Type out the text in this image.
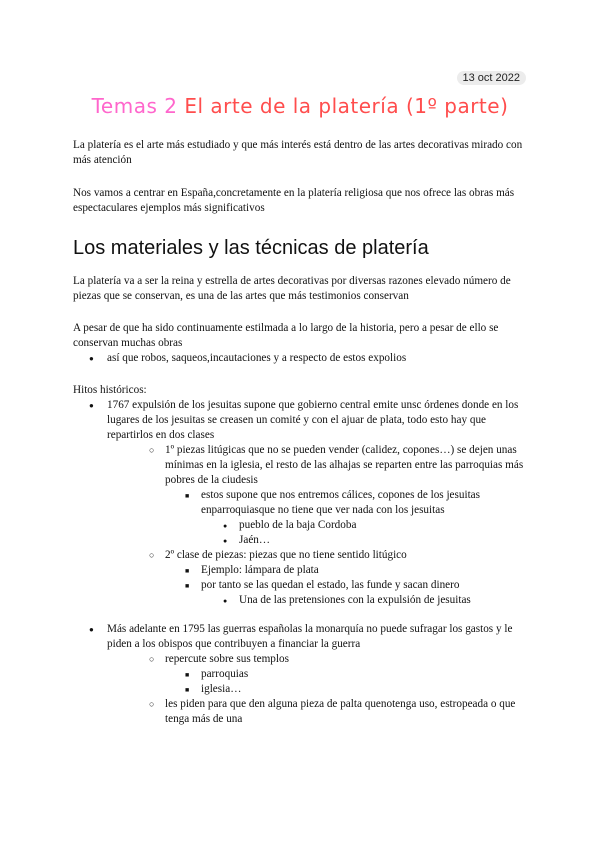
13 oct 2022
Temas 2 El arte de la platería (1º parte)

La platería es el arte más estudiado y que más interés está dentro de las artes decorativas mirado con más atención

Nos vamos a centrar en España,concretamente en la platería religiosa que nos ofrece las obras más espectaculares ejemplos más significativos

Los materiales y las técnicas de platería

La platería va a ser la reina y estrella de artes decorativas por diversas razones elevado número de piezas que se conservan, es una de las artes que más testimonios conservan

A pesar de que ha sido continuamente estilmada a lo largo de la historia, pero a pesar de ello se conservan muchas obras

● así que robos, saqueos,incautaciones y a respecto de estos expolios

Hitos históricos:

● 1767 expulsión de los jesuitas supone que gobierno central emite unsc órdenes donde en los lugares de los jesuitas se creasen un comité y con el ajuar de plata, todo esto hay que repartirlos en dos clases
○ 1º piezas litúgicas que no se pueden vender (calidez, copones…) se dejen unas mínimas en la iglesia, el resto de las alhajas se reparten entre las parroquias más pobres de la ciudesis
■ estos supone que nos entremos cálices, copones de los jesuitas enparroquiasque no tiene que ver nada con los jesuitas
● pueblo de la baja Cordoba
● Jaén…
○ 2º clase de piezas: piezas que no tiene sentido litúgico
■ Ejemplo: lámpara de plata
■ por tanto se las quedan el estado, las funde y sacan dinero
● Una de las pretensiones con la expulsión de jesuitas
● Más adelante en 1795 las guerras españolas la monarquía no puede sufragar los gastos y le piden a los obispos que contribuyen a financiar la guerra
○ repercute sobre sus templos
■ parroquias
■ iglesia…
○ les piden para que den alguna pieza de palta quenotenga uso, estropeada o que tenga más de una
